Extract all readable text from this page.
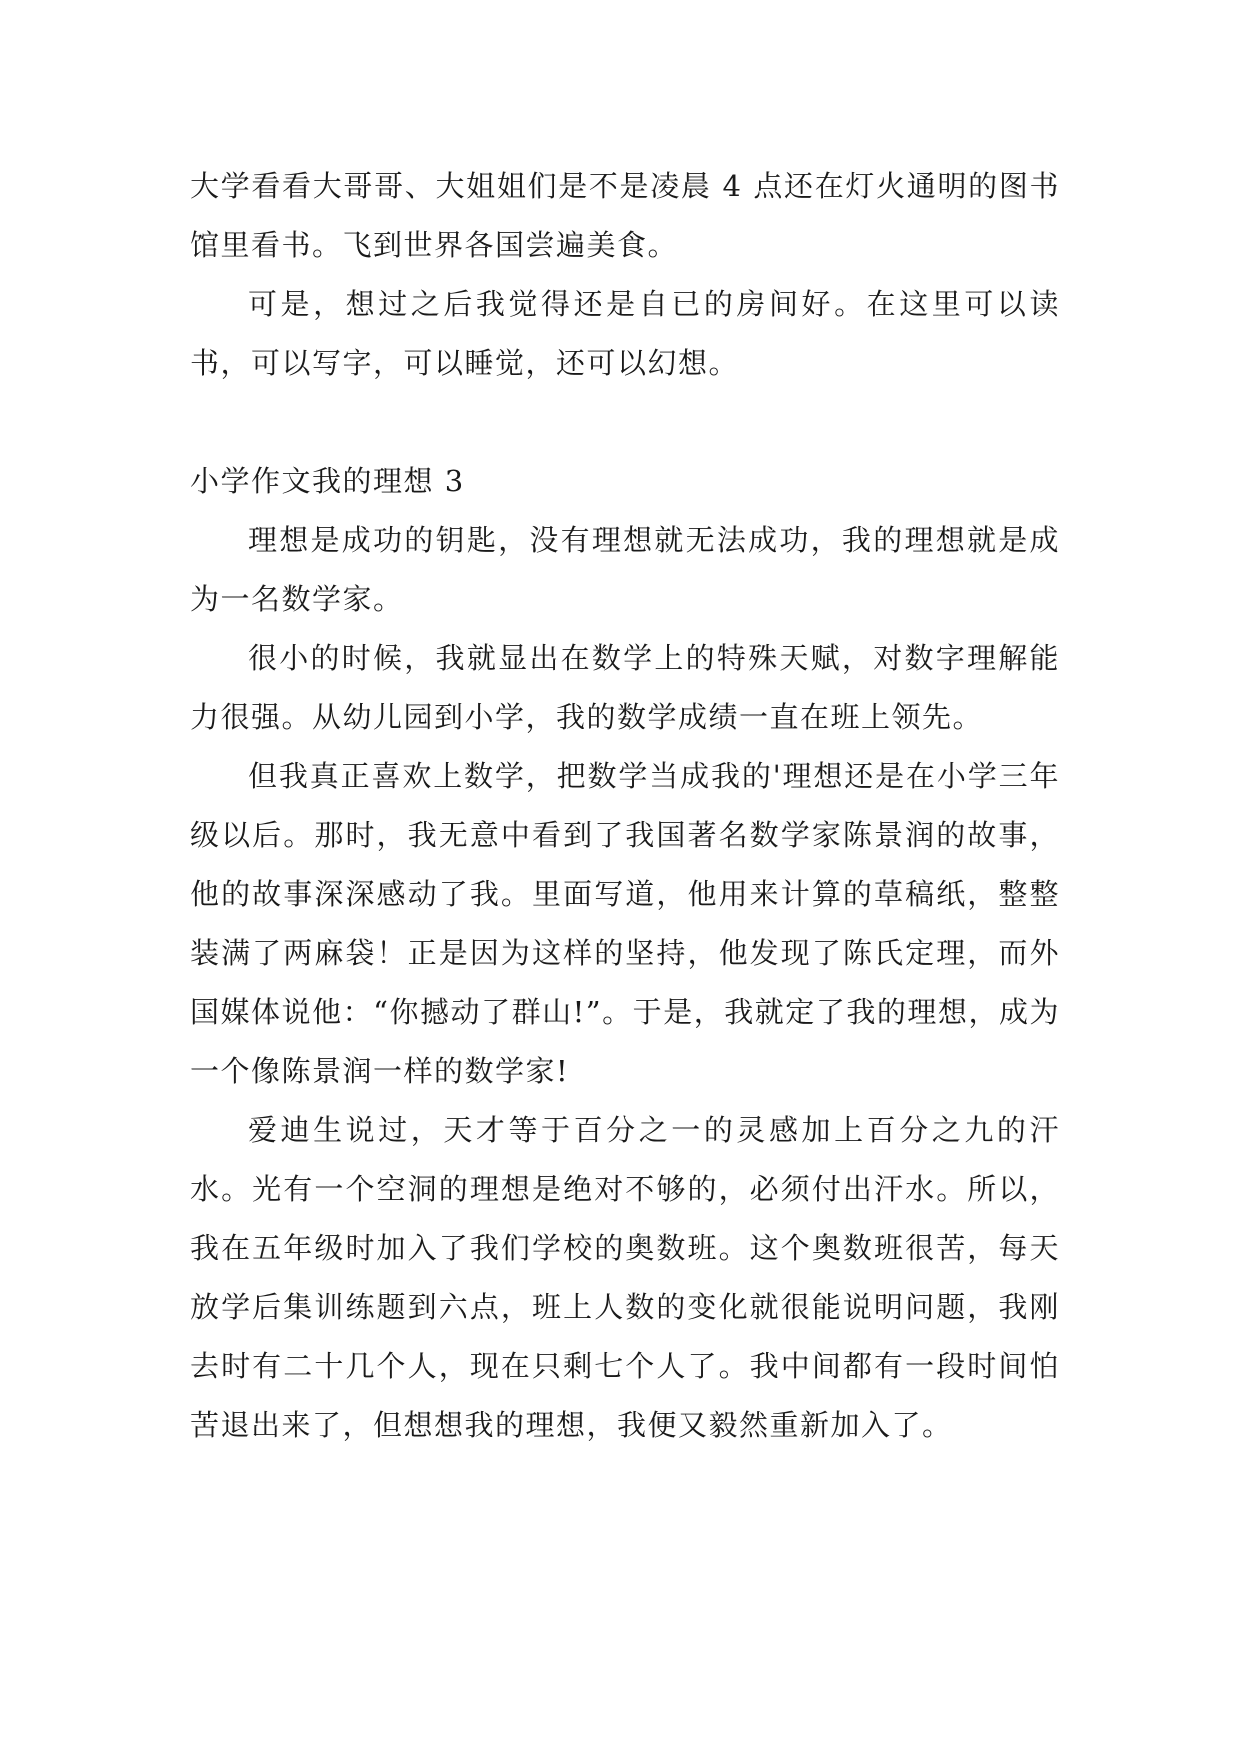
大学看看大哥哥、大姐姐们是不是凌晨 4 点还在灯火通明的图书馆里看书。飞到世界各国尝遍美食。

可是，想过之后我觉得还是自已的房间好。在这里可以读书，可以写字，可以睡觉，还可以幻想。

小学作文我的理想 3

理想是成功的钥匙，没有理想就无法成功，我的理想就是成为一名数学家。

很小的时候，我就显出在数学上的特殊天赋，对数字理解能力很强。从幼儿园到小学，我的数学成绩一直在班上领先。

但我真正喜欢上数学，把数学当成我的'理想还是在小学三年级以后。那时，我无意中看到了我国著名数学家陈景润的故事，他的故事深深感动了我。里面写道，他用来计算的草稿纸，整整装满了两麻袋！正是因为这样的坚持，他发现了陈氏定理，而外国媒体说他：“你撼动了群山!”。于是，我就定了我的理想，成为一个像陈景润一样的数学家!

爱迪生说过，天才等于百分之一的灵感加上百分之九的汗水。光有一个空洞的理想是绝对不够的，必须付出汗水。所以，我在五年级时加入了我们学校的奥数班。这个奥数班很苦，每天放学后集训练题到六点，班上人数的变化就很能说明问题，我刚去时有二十几个人，现在只剩七个人了。我中间都有一段时间怕苦退出来了，但想想我的理想，我便又毅然重新加入了。
